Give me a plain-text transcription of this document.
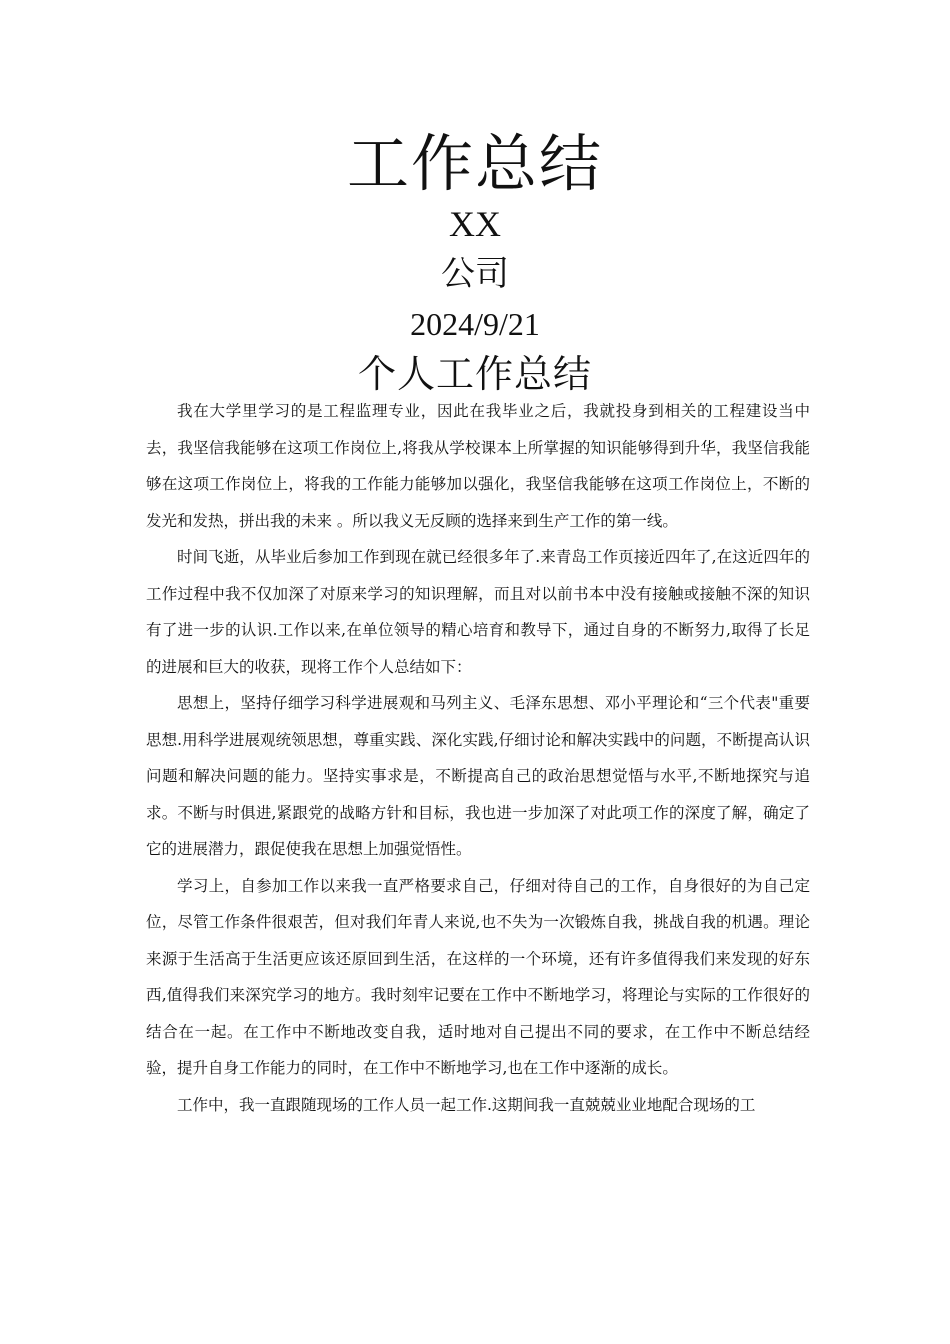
工作总结
XX
公司
2024/9/21
个人工作总结

我在大学里学习的是工程监理专业，因此在我毕业之后，我就投身到相关的工程建设当中去，我坚信我能够在这项工作岗位上,将我从学校课本上所掌握的知识能够得到升华，我坚信我能够在这项工作岗位上，将我的工作能力能够加以强化，我坚信我能够在这项工作岗位上，不断的发光和发热，拼出我的未来 。所以我义无反顾的选择来到生产工作的第一线。

时间飞逝，从毕业后参加工作到现在就已经很多年了.来青岛工作页接近四年了,在这近四年的工作过程中我不仅加深了对原来学习的知识理解，而且对以前书本中没有接触或接触不深的知识有了进一步的认识.工作以来,在单位领导的精心培育和教导下，通过自身的不断努力,取得了长足的进展和巨大的收获，现将工作个人总结如下：

思想上，坚持仔细学习科学进展观和马列主义、毛泽东思想、邓小平理论和“三个代表"重要思想.用科学进展观统领思想，尊重实践、深化实践,仔细讨论和解决实践中的问题，不断提高认识问题和解决问题的能力。坚持实事求是，不断提高自己的政治思想觉悟与水平,不断地探究与追求。不断与时俱进,紧跟党的战略方针和目标，我也进一步加深了对此项工作的深度了解，确定了它的进展潜力，跟促使我在思想上加强觉悟性。

学习上，自参加工作以来我一直严格要求自己，仔细对待自己的工作，自身很好的为自己定位，尽管工作条件很艰苦，但对我们年青人来说,也不失为一次锻炼自我，挑战自我的机遇。理论来源于生活高于生活更应该还原回到生活，在这样的一个环境，还有许多值得我们来发现的好东西,值得我们来深究学习的地方。我时刻牢记要在工作中不断地学习，将理论与实际的工作很好的结合在一起。在工作中不断地改变自我，适时地对自己提出不同的要求，在工作中不断总结经验，提升自身工作能力的同时，在工作中不断地学习,也在工作中逐渐的成长。

工作中，我一直跟随现场的工作人员一起工作.这期间我一直兢兢业业地配合现场的工
